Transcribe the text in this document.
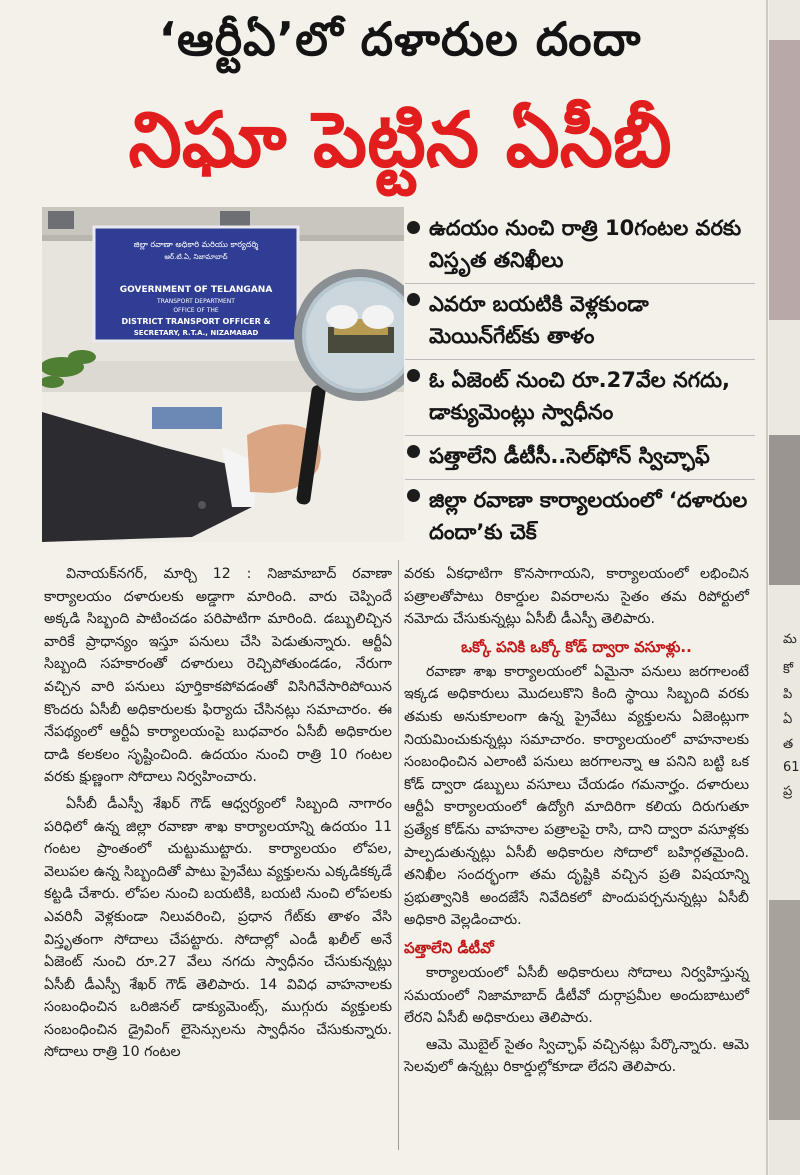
‘ఆర్టీఏ’లో దళారుల దందా
నిఘా పెట్టిన ఏసీబీ
జిల్లా రవాణా అధికారి మరియు కార్యదర్శి
ఆర్.టి.ఏ, నిజామాబాద్
GOVERNMENT OF TELANGANA
TRANSPORT DEPARTMENT
OFFICE OF THE
DISTRICT TRANSPORT OFFICER &
SECRETARY, R.T.A., NIZAMABAD
ఉదయం నుంచి రాత్రి 10గంటల వరకు విస్తృత తనిఖీలు
ఎవరూ బయటికి వెళ్లకుండా మెయిన్‌గేట్‌కు తాళం
ఓ ఏజెంట్ నుంచి రూ.27వేల నగదు, డాక్యుమెంట్లు స్వాధీనం
పత్తాలేని డీటీసీ..సెల్‌ఫోన్ స్విచ్ఛాఫ్
జిల్లా రవాణా కార్యాలయంలో ‘దళారుల దందా’కు చెక్

వినాయక్‌నగర్, మార్చి 12 : నిజామాబాద్ రవాణా కార్యాలయం దళారులకు అడ్డాగా మారింది. వారు చెప్పిందే అక్కడి సిబ్బంది పాటించడం పరిపాటిగా మారింది. డబ్బులిచ్చిన వారికే ప్రాధాన్యం ఇస్తూ పనులు చేసి పెడుతున్నారు. ఆర్టీఏ సిబ్బంది సహకారంతో దళారులు రెచ్చిపోతుండడం, నేరుగా వచ్చిన వారి పనులు పూర్తికాకపోవడంతో విసిగివేసారిపోయిన కొందరు ఏసీబీ అధికారులకు ఫిర్యాదు చేసినట్లు సమాచారం. ఈ నేపథ్యంలో ఆర్టీఏ కార్యాలయంపై బుధవారం ఏసీబీ అధికారుల దాడి కలకలం సృష్టించింది. ఉదయం నుంచి రాత్రి 10 గంటల వరకు క్షుణ్ణంగా సోదాలు నిర్వహించారు.

ఏసీబీ డీఎస్పీ శేఖర్ గౌడ్ ఆధ్వర్యంలో సిబ్బంది నాగారం పరిధిలో ఉన్న జిల్లా రవాణా శాఖ కార్యాలయాన్ని ఉదయం 11 గంటల ప్రాంతంలో చుట్టుముట్టారు. కార్యాలయం లోపల, వెలుపల ఉన్న సిబ్బందితో పాటు ప్రైవేటు వ్యక్తులను ఎక్కడికక్కడే కట్టడి చేశారు. లోపల నుంచి బయటికి, బయటి నుంచి లోపలకు ఎవరినీ వెళ్లకుండా నిలువరించి, ప్రధాన గేట్‌కు తాళం వేసి విస్తృతంగా సోదాలు చేపట్టారు. సోదాల్లో ఎండీ ఖలీల్ అనే ఏజెంట్ నుంచి రూ.27 వేలు నగదు స్వాధీనం చేసుకున్నట్లు ఏసీబీ డీఎస్పీ శేఖర్ గౌడ్ తెలిపారు. 14 వివిధ వాహనాలకు సంబంధించిన ఒరిజినల్ డాక్యుమెంట్స్, ముగ్గురు వ్యక్తులకు సంబంధించిన డ్రైవింగ్ లైసెన్సులను స్వాధీనం చేసుకున్నారు. సోదాలు రాత్రి 10 గంటల

వరకు ఏకధాటిగా కొనసాగాయని, కార్యాలయంలో లభించిన పత్రాలతోపాటు రికార్డుల వివరాలను సైతం తమ రిపోర్టులో నమోదు చేసుకున్నట్లు ఏసీబీ డీఎస్పీ తెలిపారు.

ఒక్కో పనికి ఒక్కో కోడ్ ద్వారా వసూళ్లు..

రవాణా శాఖ కార్యాలయంలో ఏమైనా పనులు జరగాలంటే ఇక్కడ అధికారులు మొదలుకొని కింది స్థాయి సిబ్బంది వరకు తమకు అనుకూలంగా ఉన్న ప్రైవేటు వ్యక్తులను ఏజెంట్లుగా నియమించుకున్నట్లు సమాచారం. కార్యాలయంలో వాహనాలకు సంబంధించిన ఎలాంటి పనులు జరగాలన్నా ఆ పనిని బట్టి ఒక కోడ్ ద్వారా డబ్బులు వసూలు చేయడం గమనార్హం. దళారులు ఆర్టీఏ కార్యాలయంలో ఉద్యోగి మాదిరిగా కలియ దిరుగుతూ ప్రత్యేక కోడ్‌ను వాహనాల పత్రాలపై రాసి, దాని ద్వారా వసూళ్లకు పాల్పడుతున్నట్లు ఏసీబీ అధికారుల సోదాలో బహిర్గతమైంది. తనిఖీల సందర్భంగా తమ దృష్టికి వచ్చిన ప్రతి విషయాన్ని ప్రభుత్వానికి అందజేసే నివేదికలో పొందుపర్చనున్నట్లు ఏసీబీ అధికారి వెల్లడించారు.

పత్తాలేని డీటీవో

కార్యాలయంలో ఏసీబీ అధికారులు సోదాలు నిర్వహిస్తున్న సమయంలో నిజామాబాద్ డీటీవో దుర్గాప్రమీల అందుబాటులో లేరని ఏసీబీ అధికారులు తెలిపారు.

ఆమె మొబైల్ సైతం స్విచ్ఛాఫ్ వచ్చినట్లు పేర్కొన్నారు. ఆమె సెలవులో ఉన్నట్లు రికార్డుల్లోకూడా లేదని తెలిపారు.

మ
కో
పి
ఏ
త
61
ప్ర
